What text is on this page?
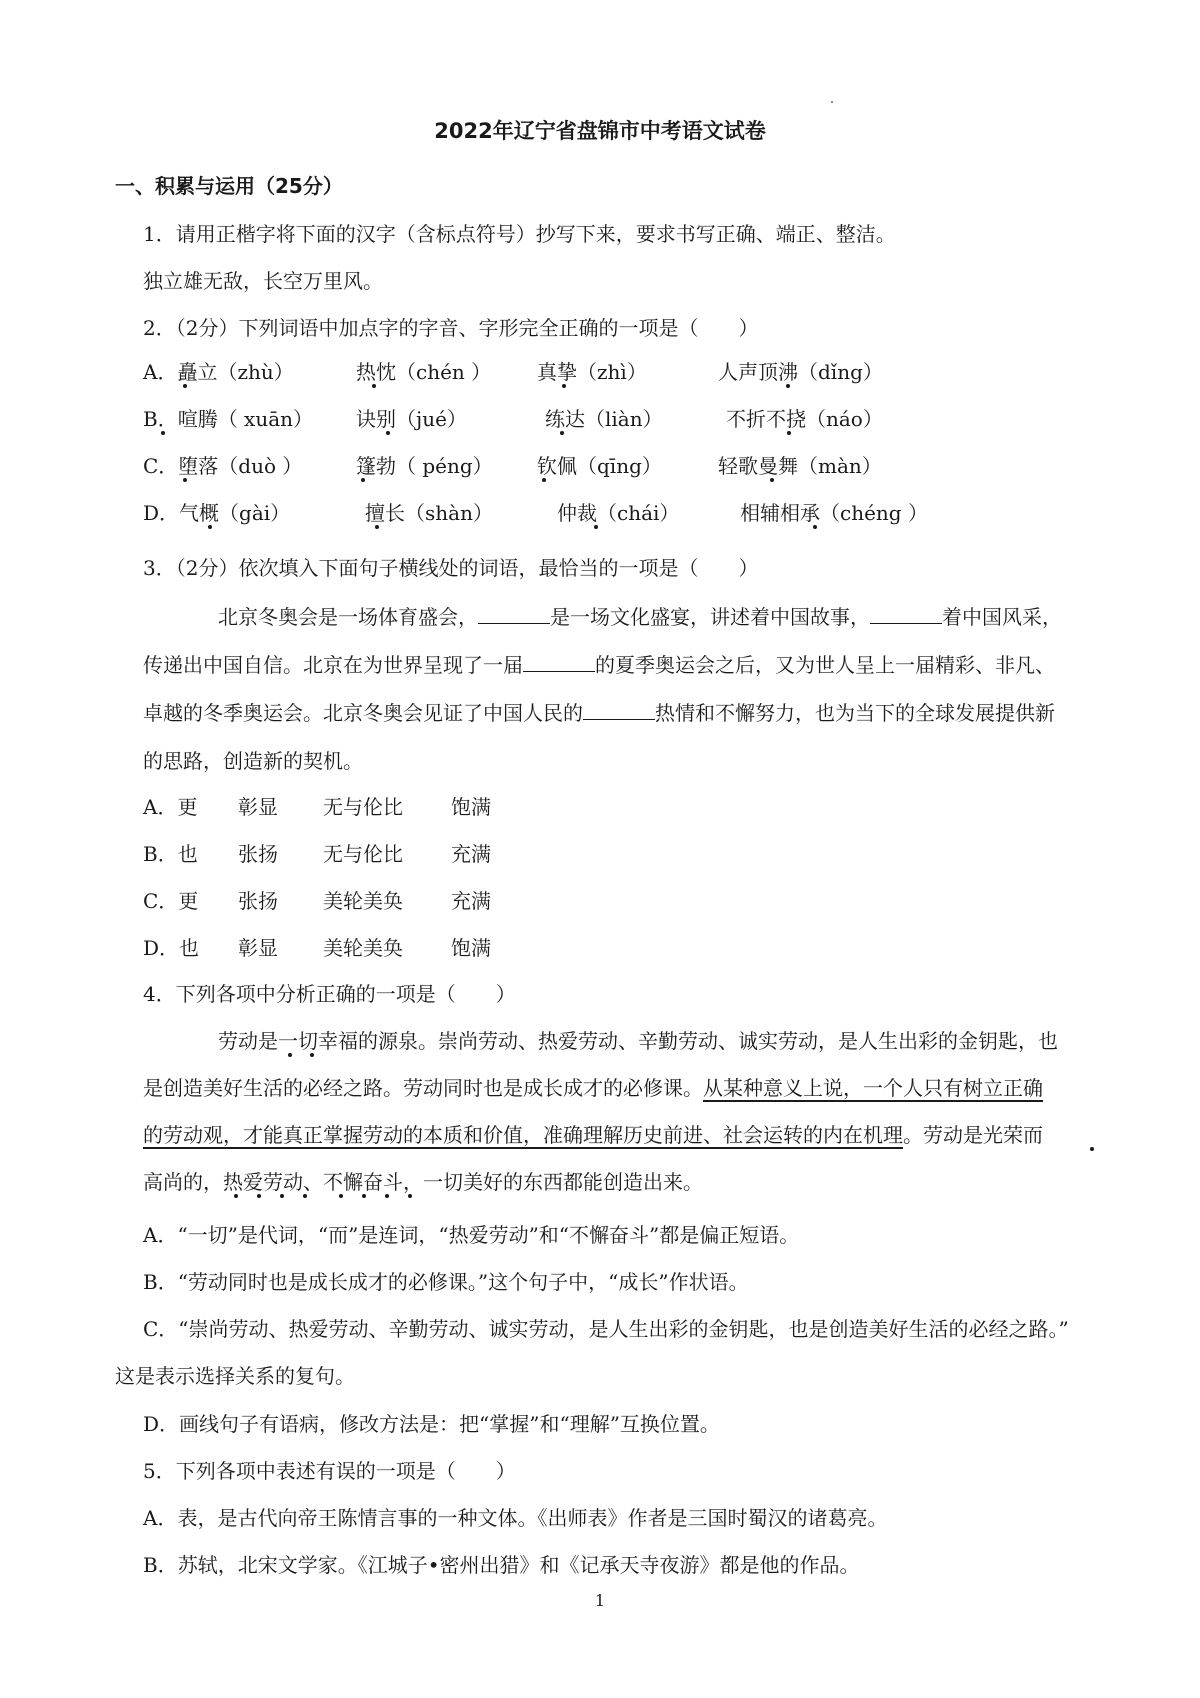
2022年辽宁省盘锦市中考语文试卷
一、积累与运用（25分）
1．请用正楷字将下面的汉字（含标点符号）抄写下来，要求书写正确、端正、整洁。
独立雄无敌，长空万里风。
2．（2分）下列词语中加点字的字音、字形完全正确的一项是（　　）
A．矗立（zhù）	热忱（chén ）	真挚（zhì）	人声顶沸（dǐng）
B．喧腾（ xuān）	诀别（jué）	练达（liàn）	不折不挠（náo）
C．堕落（duò ）	篷勃（ péng）	钦佩（qīng）	轻歌曼舞（màn）
D．气概（gài）	擅长（shàn）	仲裁（chái）	相辅相承（chéng ）
3．（2分）依次填入下面句子横线处的词语，最恰当的一项是（　　）
北京冬奥会是一场体育盛会，	是一场文化盛宴，讲述着中国故事，	着中国风采，
传递出中国自信。北京在为世界呈现了一届	的夏季奥运会之后，又为世人呈上一届精彩、非凡、
卓越的冬季奥运会。北京冬奥会见证了中国人民的	热情和不懈努力，也为当下的全球发展提供新
的思路，创造新的契机。
A．更	彰显	无与伦比	饱满
B．也	张扬	无与伦比	充满
C．更	张扬	美轮美奂	充满
D．也	彰显	美轮美奂	饱满
4．下列各项中分析正确的一项是（　　）
劳动是一切幸福的源泉。崇尚劳动、热爱劳动、辛勤劳动、诚实劳动，是人生出彩的金钥匙，也
是创造美好生活的必经之路。劳动同时也是成长成才的必修课。从某种意义上说，一个人只有树立正确
的劳动观，才能真正掌握劳动的本质和价值，准确理解历史前进、社会运转的内在机理。劳动是光荣而
高尚的，热爱劳动、不懈奋斗，一切美好的东西都能创造出来。
A．“一切”是代词，“而”是连词，“热爱劳动”和“不懈奋斗”都是偏正短语。
B．“劳动同时也是成长成才的必修课。”这个句子中，“成长”作状语。
C．“崇尚劳动、热爱劳动、辛勤劳动、诚实劳动，是人生出彩的金钥匙，也是创造美好生活的必经之路。”
这是表示选择关系的复句。
D．画线句子有语病，修改方法是：把“掌握”和“理解”互换位置。
5．下列各项中表述有误的一项是（　　）
A．表，是古代向帝王陈情言事的一种文体。《出师表》作者是三国时蜀汉的诸葛亮。
B．苏轼，北宋文学家。《江城子•密州出猎》和《记承天寺夜游》都是他的作品。
1
